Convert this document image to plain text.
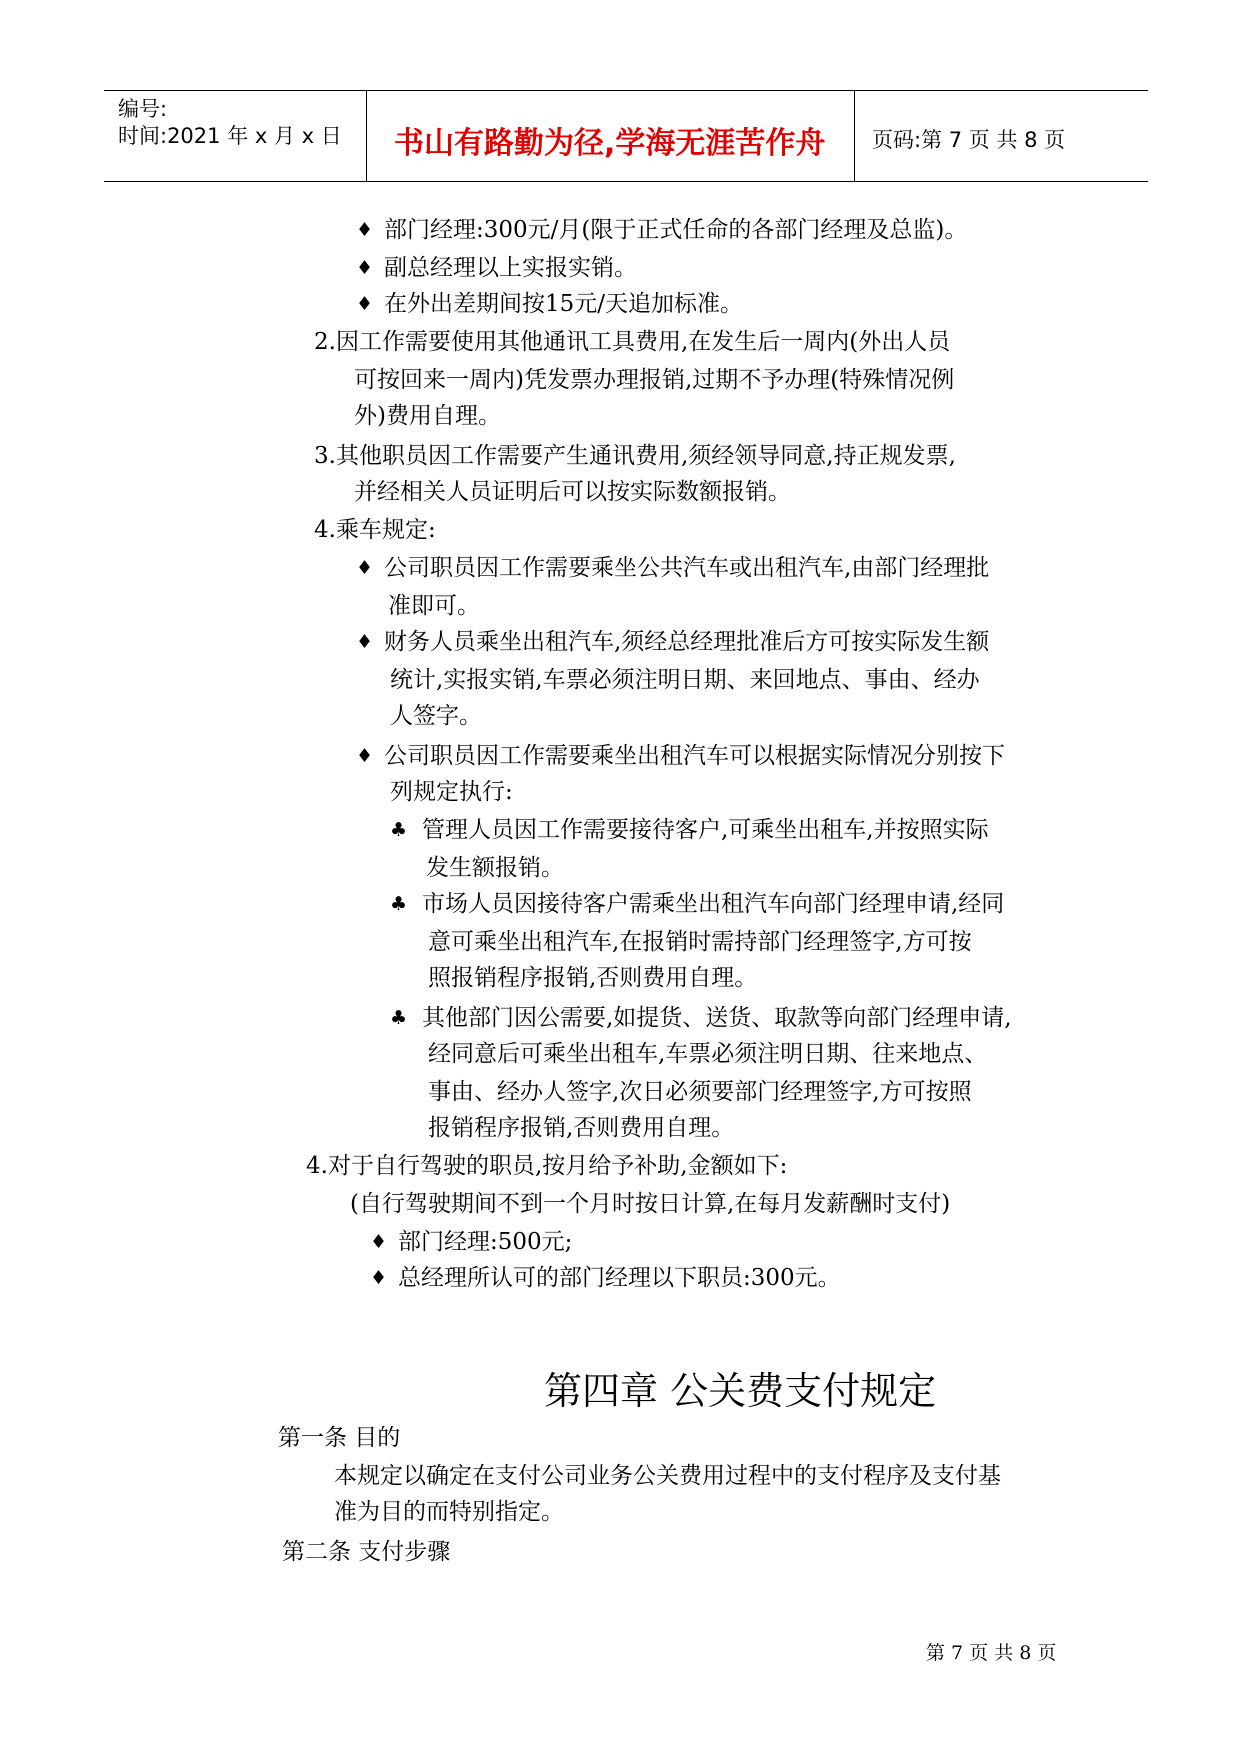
编号:
时间:2021 年 x 月 x 日 书山有路勤为径,学海无涯苦作舟 页码:第 7 页 共 8 页
♦ 部门经理:300元/月(限于正式任命的各部门经理及总监)。
♦ 副总经理以上实报实销。
♦ 在外出差期间按15元/天追加标准。
2.因工作需要使用其他通讯工具费用,在发生后一周内(外出人员
可按回来一周内)凭发票办理报销,过期不予办理(特殊情况例
外)费用自理。
3.其他职员因工作需要产生通讯费用,须经领导同意,持正规发票,
并经相关人员证明后可以按实际数额报销。
4.乘车规定:
♦ 公司职员因工作需要乘坐公共汽车或出租汽车,由部门经理批
准即可。
♦ 财务人员乘坐出租汽车,须经总经理批准后方可按实际发生额
统计,实报实销,车票必须注明日期、来回地点、事由、经办
人签字。
♦ 公司职员因工作需要乘坐出租汽车可以根据实际情况分别按下
列规定执行:
♣ 管理人员因工作需要接待客户,可乘坐出租车,并按照实际
发生额报销。
♣ 市场人员因接待客户需乘坐出租汽车向部门经理申请,经同
意可乘坐出租汽车,在报销时需持部门经理签字,方可按
照报销程序报销,否则费用自理。
♣ 其他部门因公需要,如提货、送货、取款等向部门经理申请,
经同意后可乘坐出租车,车票必须注明日期、往来地点、
事由、经办人签字,次日必须要部门经理签字,方可按照
报销程序报销,否则费用自理。
4.对于自行驾驶的职员,按月给予补助,金额如下:
(自行驾驶期间不到一个月时按日计算,在每月发薪酬时支付)
♦ 部门经理:500元;
♦ 总经理所认可的部门经理以下职员:300元。
第四章 公关费支付规定
第一条 目的
本规定以确定在支付公司业务公关费用过程中的支付程序及支付基
准为目的而特别指定。
第二条 支付步骤
第 7 页 共 8 页
